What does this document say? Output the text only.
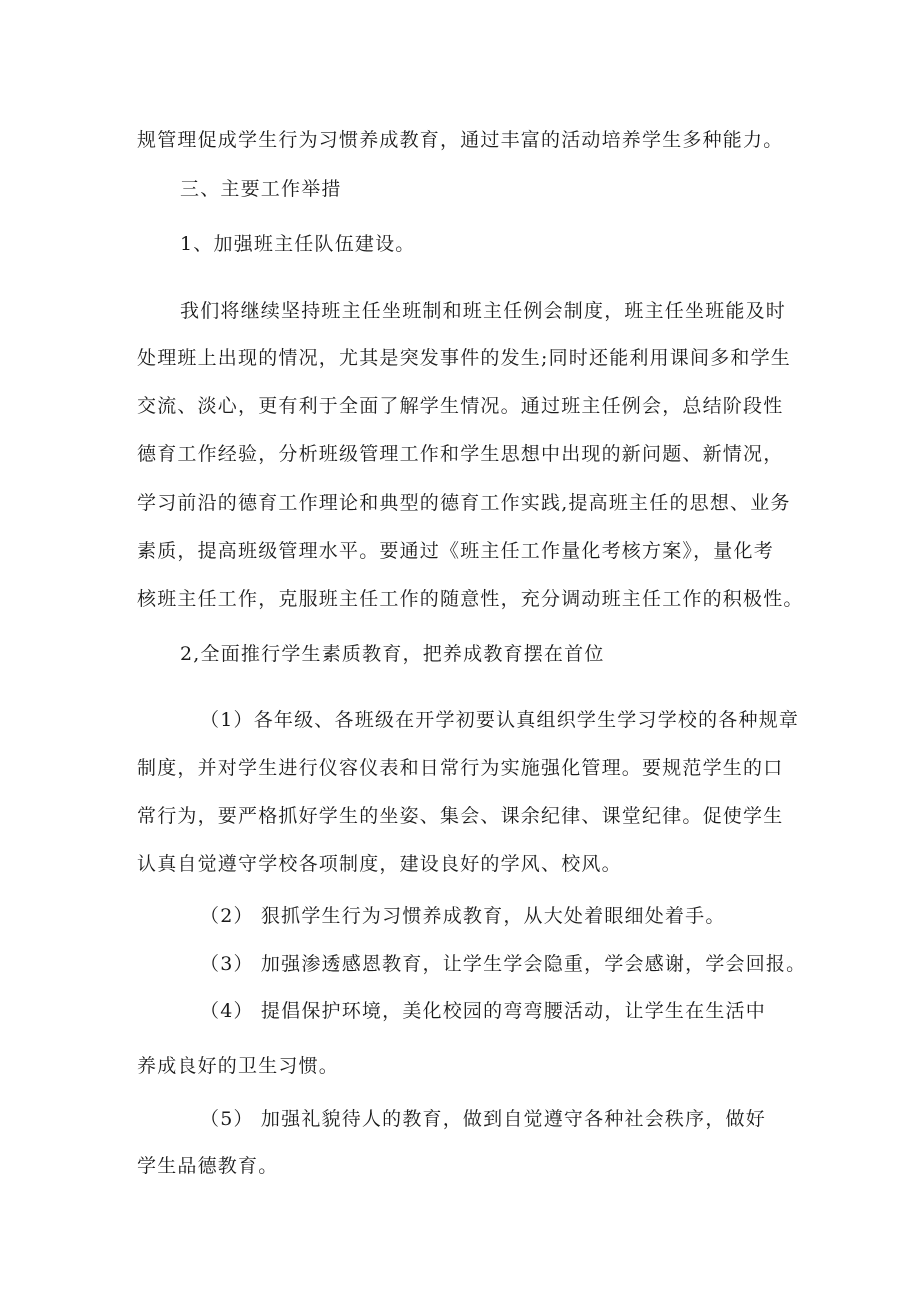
规管理促成学生行为习惯养成教育，通过丰富的活动培养学生多种能力。
三、主要工作举措
1、加强班主任队伍建设。
我们将继续坚持班主任坐班制和班主任例会制度，班主任坐班能及时
处理班上出现的情况，尤其是突发事件的发生;同时还能利用课间多和学生
交流、淡心，更有利于全面了解学生情况。通过班主任例会，总结阶段性
德育工作经验，分析班级管理工作和学生思想中出现的新问题、新情况，
学习前沿的德育工作理论和典型的德育工作实践,提高班主任的思想、业务
素质，提高班级管理水平。要通过《班主任工作量化考核方案》，量化考
核班主任工作，克服班主任工作的随意性，充分调动班主任工作的积极性。
2,全面推行学生素质教育，把养成教育摆在首位
（1）各年级、各班级在开学初要认真组织学生学习学校的各种规章
制度，并对学生进行仪容仪表和日常行为实施强化管理。要规范学生的口
常行为，要严格抓好学生的坐姿、集会、课余纪律、课堂纪律。促使学生
认真自觉遵守学校各项制度，建设良好的学风、校风。
（2） 狠抓学生行为习惯养成教育，从大处着眼细处着手。
（3） 加强渗透感恩教育，让学生学会隐重，学会感谢，学会回报。
（4） 提倡保护环境，美化校园的弯弯腰活动，让学生在生活中
养成良好的卫生习惯。
（5） 加强礼貌待人的教育，做到自觉遵守各种社会秩序，做好
学生品德教育。
